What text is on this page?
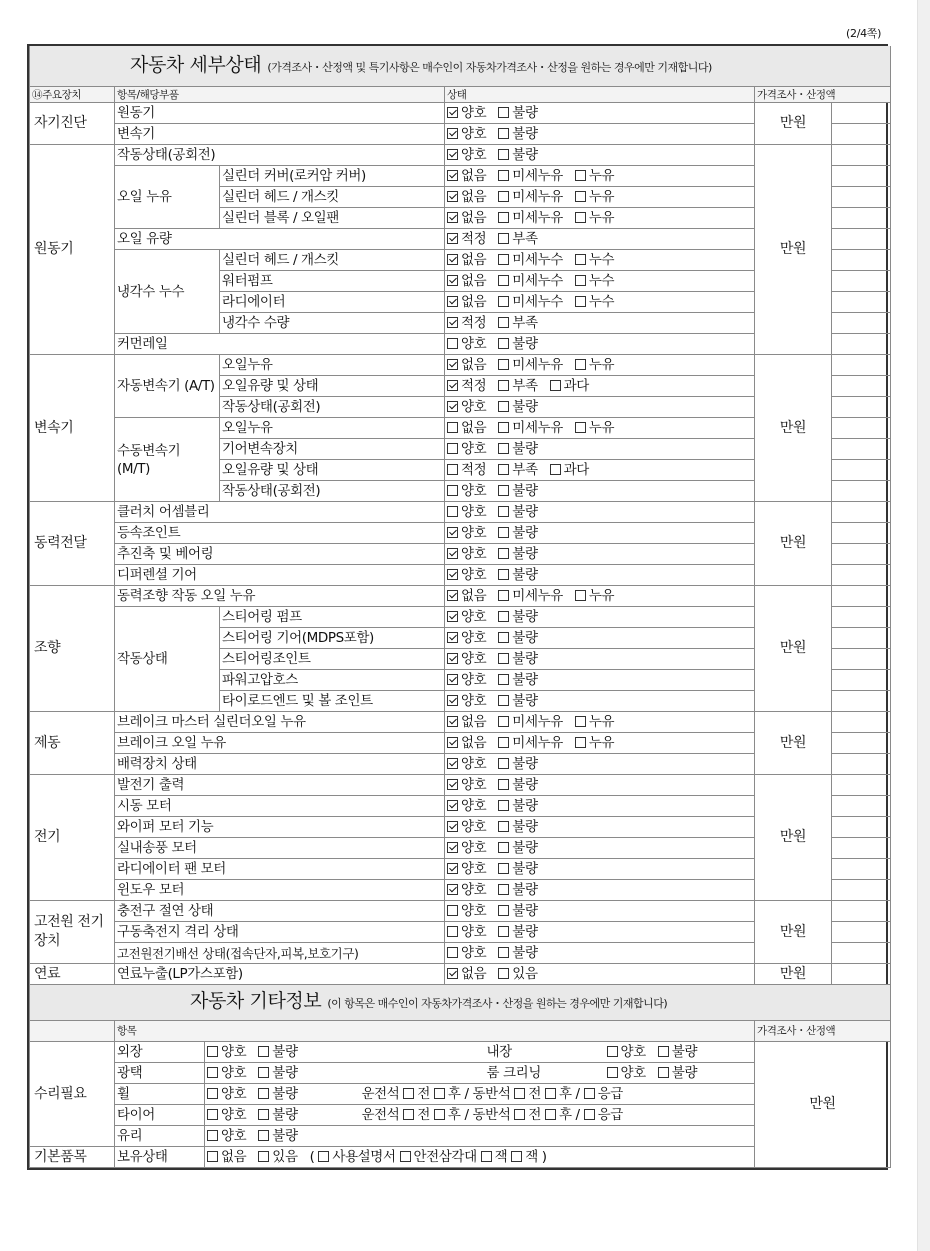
(2/4쪽)
자동차 세부상태 (가격조사・산정액 및 특기사항은 매수인이 자동차가격조사・산정을 원하는 경우에만 기재합니다)					
⑭주요장치	항목/해당부품		상태	가격조사・산정액	
자기진단	원동기		양호 불량	만원	
	변속기		양호 불량		
원동기	작동상태(공회전)		양호 불량	만원	
	오일 누유	실린더 커버(로커암 커버)	없음 미세누유 누유		
		실린더 헤드 / 개스킷	없음 미세누유 누유		
		실린더 블록 / 오일팬	없음 미세누유 누유		
	오일 유량		적정 부족		
	냉각수 누수	실린더 헤드 / 개스킷	없음 미세누수 누수		
		워터펌프	없음 미세누수 누수		
		라디에이터	없음 미세누수 누수		
		냉각수 수량	적정 부족		
	커먼레일		양호 불량		
변속기	자동변속기 (A/T)	오일누유	없음 미세누유 누유	만원	
		오일유량 및 상태	적정 부족 과다		
		작동상태(공회전)	양호 불량		
	수동변속기 (M/T)	오일누유	없음 미세누유 누유		
		기어변속장치	양호 불량		
		오일유량 및 상태	적정 부족 과다		
		작동상태(공회전)	양호 불량		
동력전달	클러치 어셈블리		양호 불량	만원	
	등속조인트		양호 불량		
	추진축 및 베어링		양호 불량		
	디퍼렌셜 기어		양호 불량		
조향	동력조향 작동 오일 누유		없음 미세누유 누유	만원	
	작동상태	스티어링 펌프	양호 불량		
		스티어링 기어(MDPS포함)	양호 불량		
		스티어링조인트	양호 불량		
		파워고압호스	양호 불량		
		타이로드엔드 및 볼 조인트	양호 불량		
제동	브레이크 마스터 실린더오일 누유		없음 미세누유 누유	만원	
	브레이크 오일 누유		없음 미세누유 누유		
	배력장치 상태		양호 불량		
전기	발전기 출력		양호 불량	만원	
	시동 모터		양호 불량		
	와이퍼 모터 기능		양호 불량		
	실내송풍 모터		양호 불량		
	라디에이터 팬 모터		양호 불량		
	윈도우 모터		양호 불량		
고전원 전기장치	충전구 절연 상태		양호 불량	만원	
	구동축전지 격리 상태		양호 불량		
	고전원전기배선 상태(접속단자,피복,보호기구)		양호 불량		
연료	연료누출(LP가스포함)		없음 있음	만원	
자동차 기타정보 (이 항목은 매수인이 자동차가격조사・산정을 원하는 경우에만 기재합니다)						
	항목					가격조사・산정액
수리필요	외장	양호 불량		내장	양호 불량	만원
	광택	양호 불량		룸 크리닝	양호 불량	
	휠	양호 불량	운전석 전 후 / 동반석 전 후 / 응급			
	타이어	양호 불량	운전석 전 후 / 동반석 전 후 / 응급			
	유리	양호 불량				
기본품목	보유상태	없음 있음 ( 사용설명서 안전삼각대 잭 잭 )				
